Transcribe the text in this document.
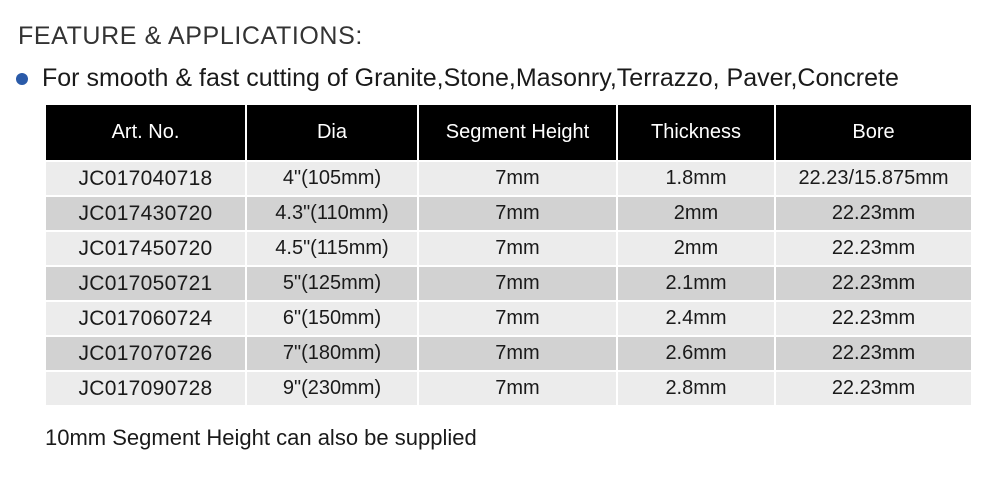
FEATURE & APPLICATIONS:
For smooth & fast cutting of Granite,Stone,Masonry,Terrazzo, Paver,Concrete
Art. No.	Dia	Segment Height	Thickness	Bore
JC017040718	4"(105mm)	7mm	1.8mm	22.23/15.875mm
JC017430720	4.3"(110mm)	7mm	2mm	22.23mm
JC017450720	4.5"(115mm)	7mm	2mm	22.23mm
JC017050721	5"(125mm)	7mm	2.1mm	22.23mm
JC017060724	6"(150mm)	7mm	2.4mm	22.23mm
JC017070726	7"(180mm)	7mm	2.6mm	22.23mm
JC017090728	9"(230mm)	7mm	2.8mm	22.23mm
10mm Segment Height can also be supplied
